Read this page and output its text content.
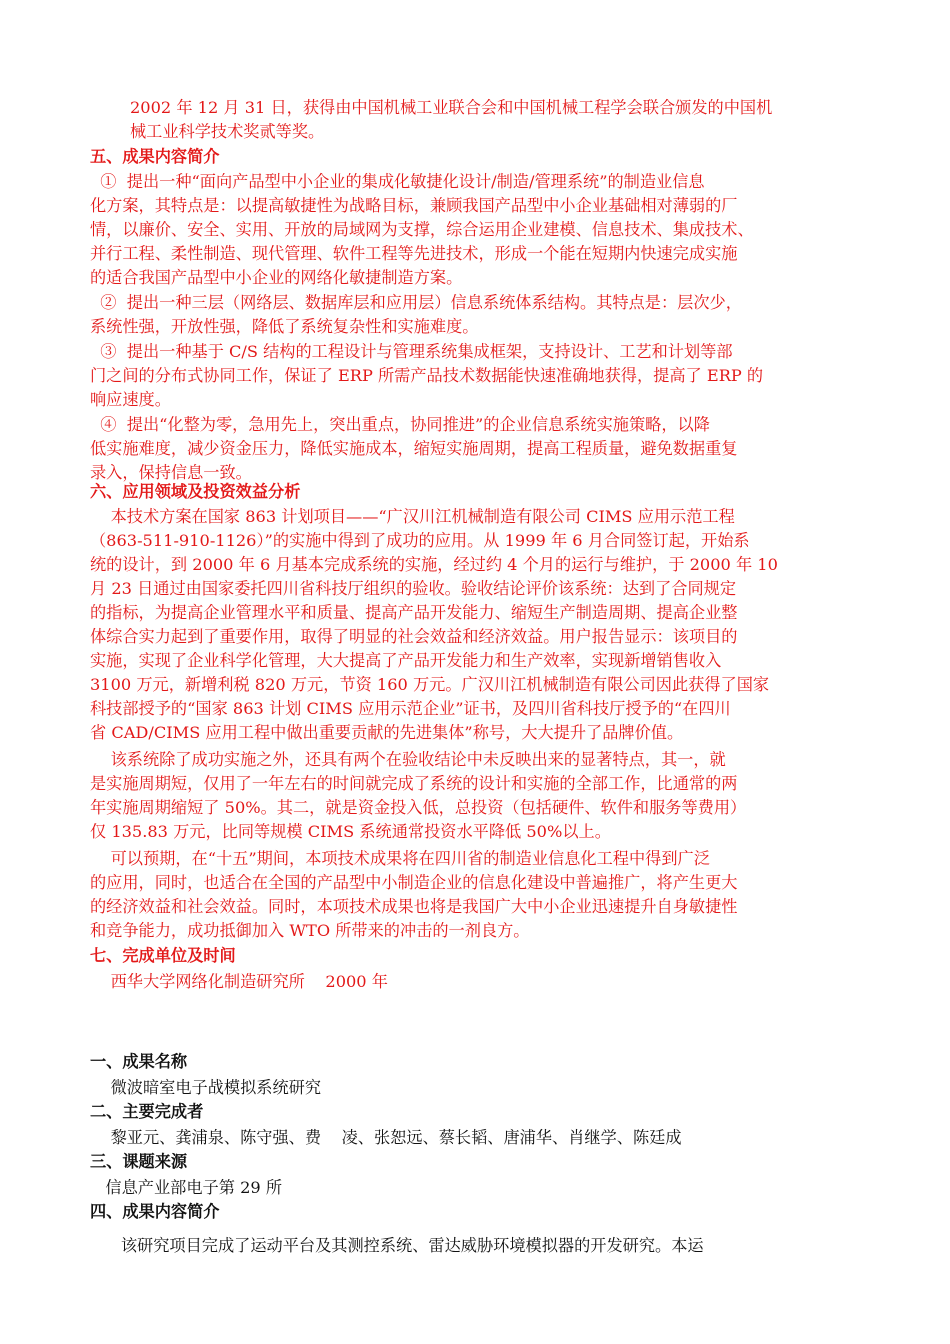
2002 年 12 月 31 日，获得由中国机械工业联合会和中国机械工程学会联合颁发的中国机
械工业科学技术奖贰等奖。
五、成果内容简介
①  提出一种“面向产品型中小企业的集成化敏捷化设计/制造/管理系统”的制造业信息
化方案，其特点是：以提高敏捷性为战略目标，兼顾我国产品型中小企业基础相对薄弱的厂
情，以廉价、安全、实用、开放的局域网为支撑，综合运用企业建模、信息技术、集成技术、
并行工程、柔性制造、现代管理、软件工程等先进技术，形成一个能在短期内快速完成实施
的适合我国产品型中小企业的网络化敏捷制造方案。
②  提出一种三层（网络层、数据库层和应用层）信息系统体系结构。其特点是：层次少，
系统性强，开放性强，降低了系统复杂性和实施难度。
③  提出一种基于 C/S 结构的工程设计与管理系统集成框架，支持设计、工艺和计划等部
门之间的分布式协同工作，保证了 ERP 所需产品技术数据能快速准确地获得，提高了 ERP 的
响应速度。
④  提出“化整为零，急用先上，突出重点，协同推进”的企业信息系统实施策略，以降
低实施难度，减少资金压力，降低实施成本，缩短实施周期，提高工程质量，避免数据重复
录入，保持信息一致。
六、应用领域及投资效益分析
本技术方案在国家 863 计划项目——“广汉川江机械制造有限公司 CIMS 应用示范工程
（863-511-910-1126）”的实施中得到了成功的应用。从 1999 年 6 月合同签订起，开始系
统的设计，到 2000 年 6 月基本完成系统的实施，经过约 4 个月的运行与维护，于 2000 年 10
月 23 日通过由国家委托四川省科技厅组织的验收。验收结论评价该系统：达到了合同规定
的指标，为提高企业管理水平和质量、提高产品开发能力、缩短生产制造周期、提高企业整
体综合实力起到了重要作用，取得了明显的社会效益和经济效益。用户报告显示：该项目的
实施，实现了企业科学化管理，大大提高了产品开发能力和生产效率，实现新增销售收入
3100 万元，新增利税 820 万元，节资 160 万元。广汉川江机械制造有限公司因此获得了国家
科技部授予的“国家 863 计划 CIMS 应用示范企业”证书，及四川省科技厅授予的“在四川
省 CAD/CIMS 应用工程中做出重要贡献的先进集体”称号，大大提升了品牌价值。
该系统除了成功实施之外，还具有两个在验收结论中未反映出来的显著特点，其一，就
是实施周期短，仅用了一年左右的时间就完成了系统的设计和实施的全部工作，比通常的两
年实施周期缩短了 50%。其二，就是资金投入低，总投资（包括硬件、软件和服务等费用）
仅 135.83 万元，比同等规模 CIMS 系统通常投资水平降低 50%以上。
可以预期，在“十五”期间，本项技术成果将在四川省的制造业信息化工程中得到广泛
的应用，同时，也适合在全国的产品型中小制造企业的信息化建设中普遍推广，将产生更大
的经济效益和社会效益。同时，本项技术成果也将是我国广大中小企业迅速提升自身敏捷性
和竞争能力，成功抵御加入 WTO 所带来的冲击的一剂良方。
七、完成单位及时间
西华大学网络化制造研究所    2000 年
一、成果名称
微波暗室电子战模拟系统研究
二、主要完成者
黎亚元、龚浦泉、陈守强、费    凌、张恕远、蔡长韬、唐浦华、肖继学、陈廷成
三、课题来源
信息产业部电子第 29 所
四、成果内容简介
该研究项目完成了运动平台及其测控系统、雷达威胁环境模拟器的开发研究。本运
